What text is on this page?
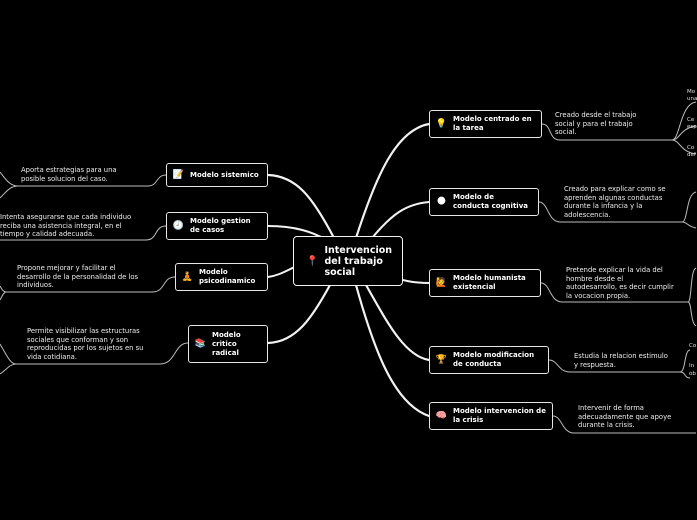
📍
Intervencion del trabajo social
📝 Modelo sistemico
🕗 Modelo gestion de casos
🧘 Modelo psicodinamico
📚
Modelo critico radical
Aporta estrategias para una posible solucion del caso.
Intenta asegurarse que cada individuo reciba una asistencia integral, en el tiempo y calidad adecuada.
Propone mejorar y facilitar el desarrollo de la personalidad de los individuos.
Permite visibilizar las estructuras sociales que conforman y son reproducidas por los sujetos en su vida cotidiana.
💡 Modelo centrado en la tarea
🌑 Modelo de conducta cognitiva
🙋 Modelo humanista existencial
🏆 Modelo modificacion de conducta
🧠 Modelo intervencion de la crisis
Creado desde el trabajo social y para el trabajo social.
Creado para explicar como se aprenden algunas conductas durante la infancia y la adolescencia.
Pretende explicar la vida del hombre desde el autodesarrollo, es decir cumplir la vocacion propia.
Estudia la relacion estimulo y respuesta.
Intervenir de forma adecuadamente que apoye durante la crisis.
Mo
una
Ce
esp
Co
def
Co
In
ob
